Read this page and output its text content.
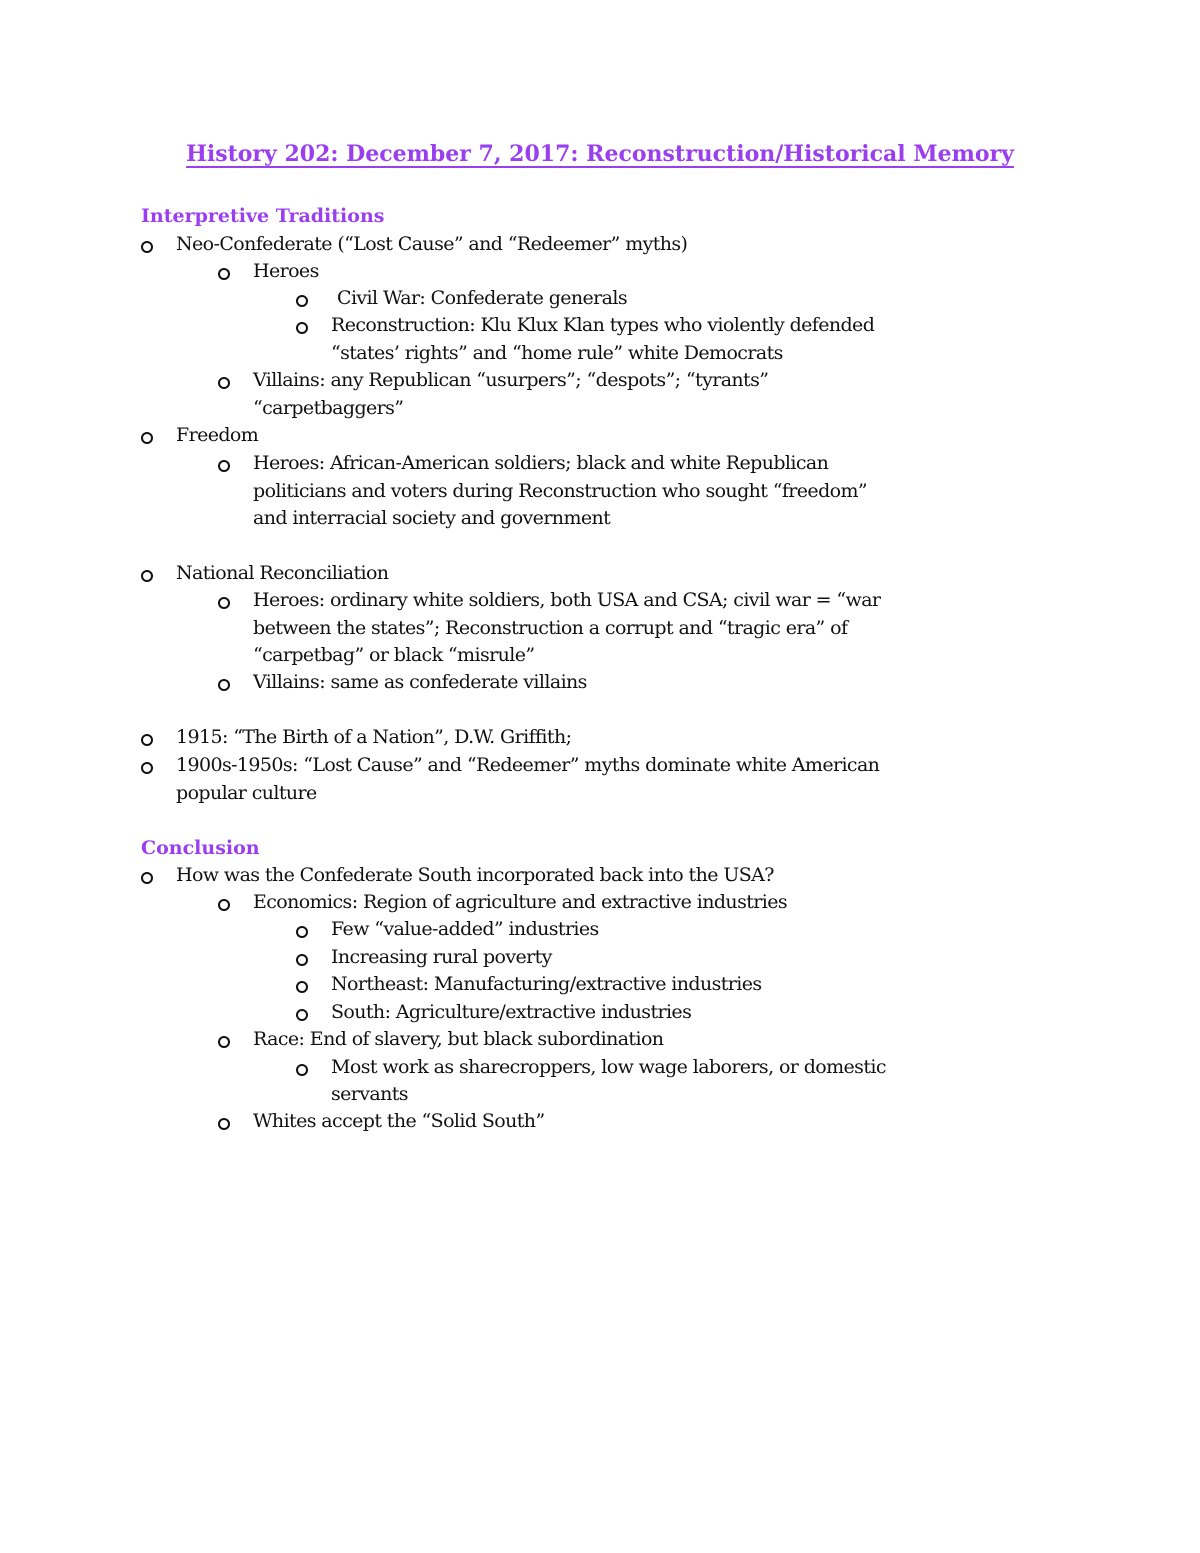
History 202: December 7, 2017: Reconstruction/Historical Memory
Interpretive Traditions
Neo-Confederate (“Lost Cause” and “Redeemer” myths)
Heroes
Civil War: Confederate generals
Reconstruction: Klu Klux Klan types who violently defended
“states’ rights” and “home rule” white Democrats
Villains: any Republican “usurpers”; “despots”; “tyrants”
“carpetbaggers”
Freedom
Heroes: African-American soldiers; black and white Republican
politicians and voters during Reconstruction who sought “freedom”
and interracial society and government
National Reconciliation
Heroes: ordinary white soldiers, both USA and CSA; civil war = “war
between the states”; Reconstruction a corrupt and “tragic era” of
“carpetbag” or black “misrule”
Villains: same as confederate villains
1915: “The Birth of a Nation”, D.W. Griffith;
1900s-1950s: “Lost Cause” and “Redeemer” myths dominate white American
popular culture
Conclusion
How was the Confederate South incorporated back into the USA?
Economics: Region of agriculture and extractive industries
Few “value-added” industries
Increasing rural poverty
Northeast: Manufacturing/extractive industries
South: Agriculture/extractive industries
Race: End of slavery, but black subordination
Most work as sharecroppers, low wage laborers, or domestic
servants
Whites accept the “Solid South”
